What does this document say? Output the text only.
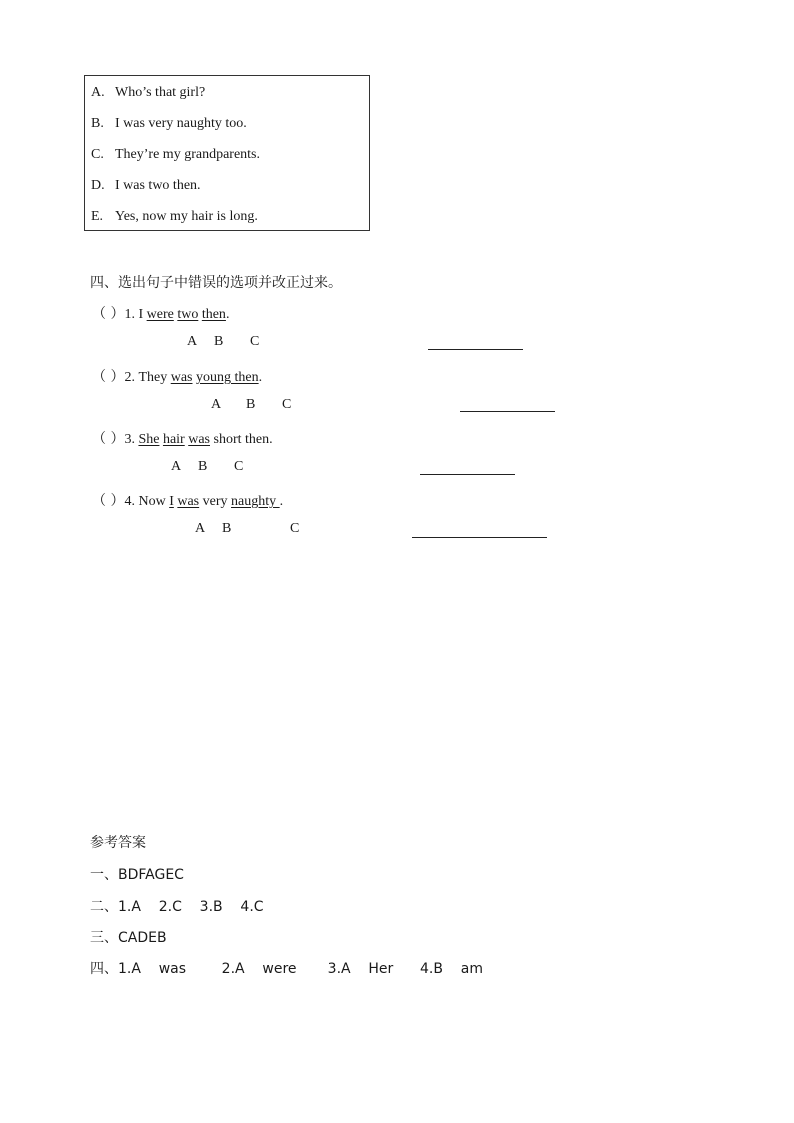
A. Who’s that girl?
B. I was very naughty too.
C. They’re my grandparents.
D. I was two then.
E. Yes, now my hair is long.
四、选出句子中错误的选项并改正过来。
（ ）1. I were two then.
A B C
（ ）2. They was young then.
A B C
（ ）3. She hair was short then.
A B C
（ ）4. Now I was very naughty .
A B	C
参考答案
一、BDFAGEC
二、1.A    2.C    3.B    4.C
三、CADEB
四、1.A    was        2.A    were       3.A    Her      4.B    am
